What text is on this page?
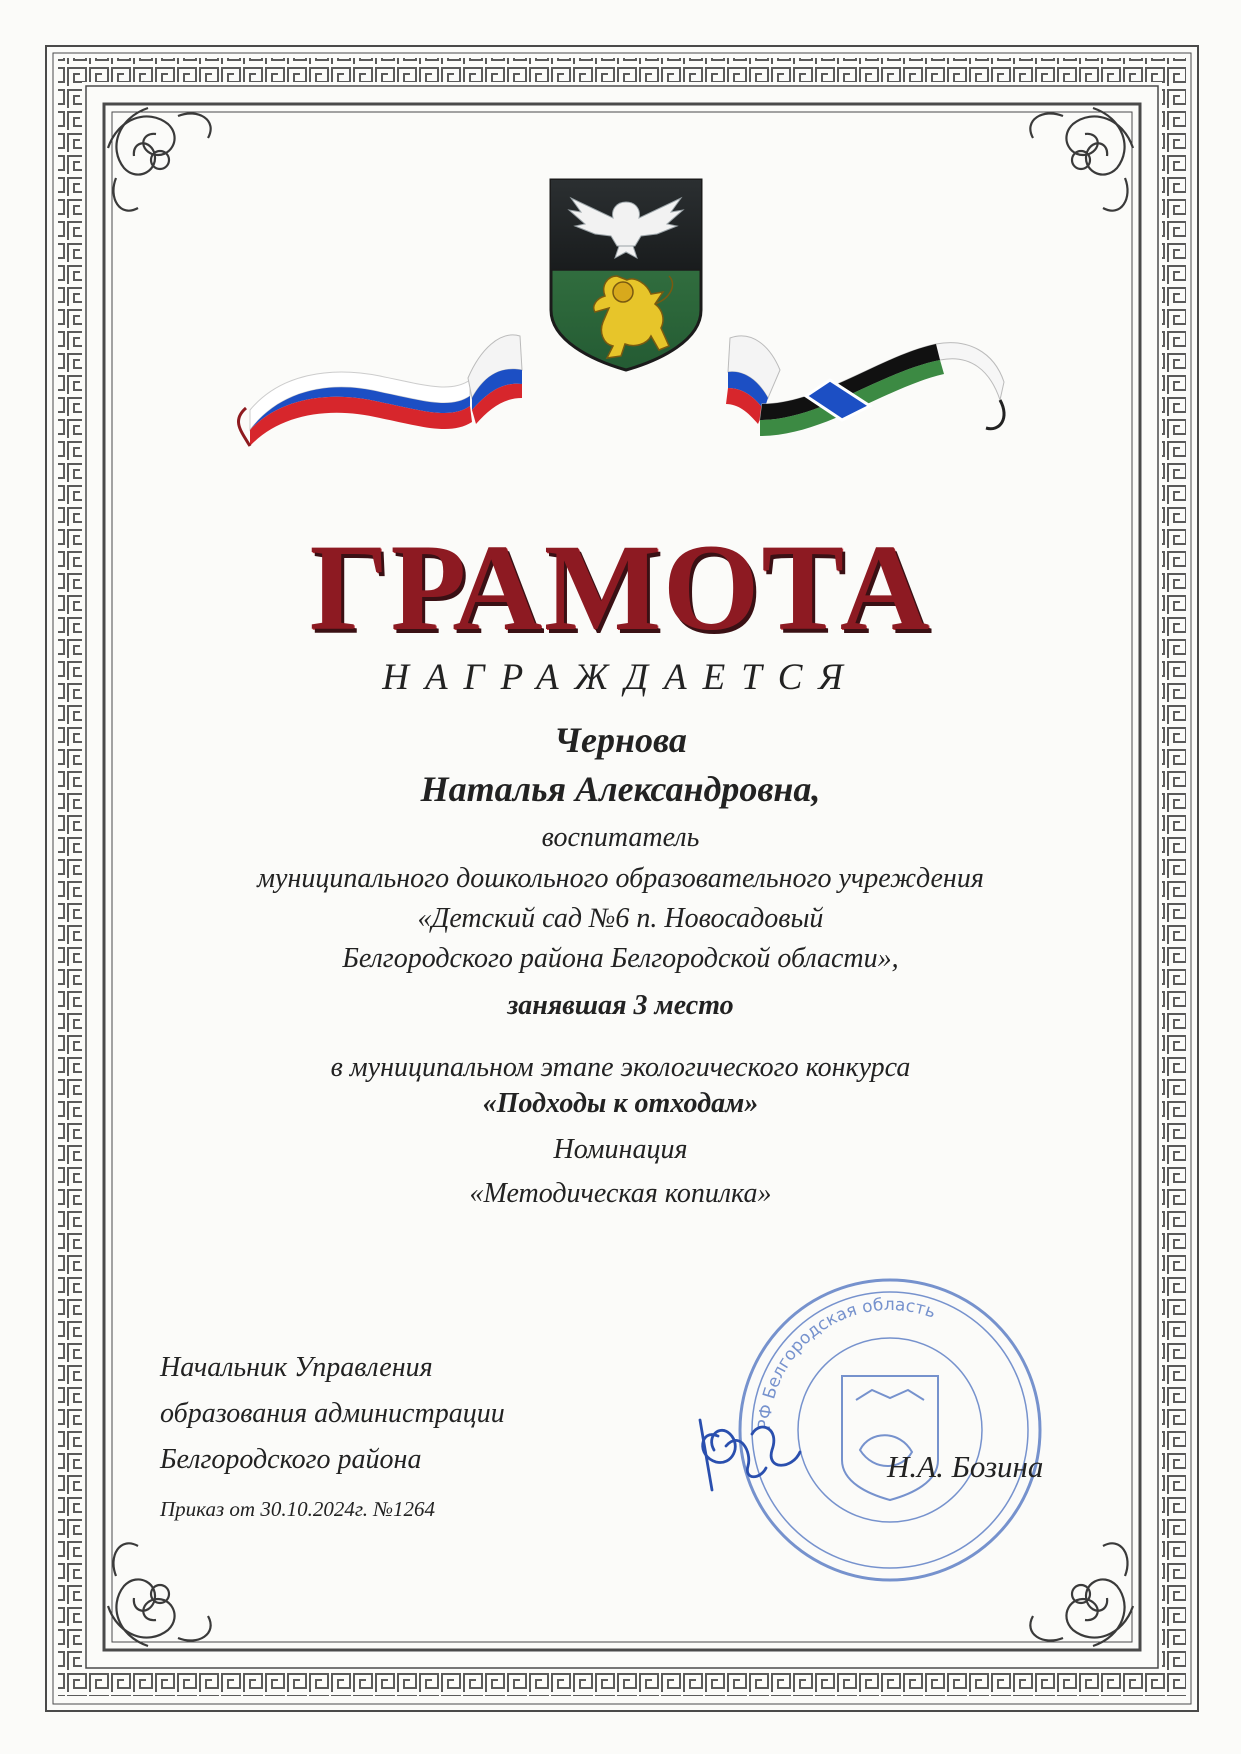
ГРАМОТА

НАГРАЖДАЕТСЯ

Чернова

Наталья Александровна,

воспитатель

муниципального дошкольного образовательного учреждения

«Детский сад №6 п. Новосадовый

Белгородского района Белгородской области»,

занявшая 3 место

в муниципальном этапе экологического конкурса

«Подходы к отходам»

Номинация

«Методическая копилка»

Начальник Управления

образования администрации

Белгородского района

Приказ от 30.10.2024г. №1264

РФ Белгородская область

Н.А. Бозина
